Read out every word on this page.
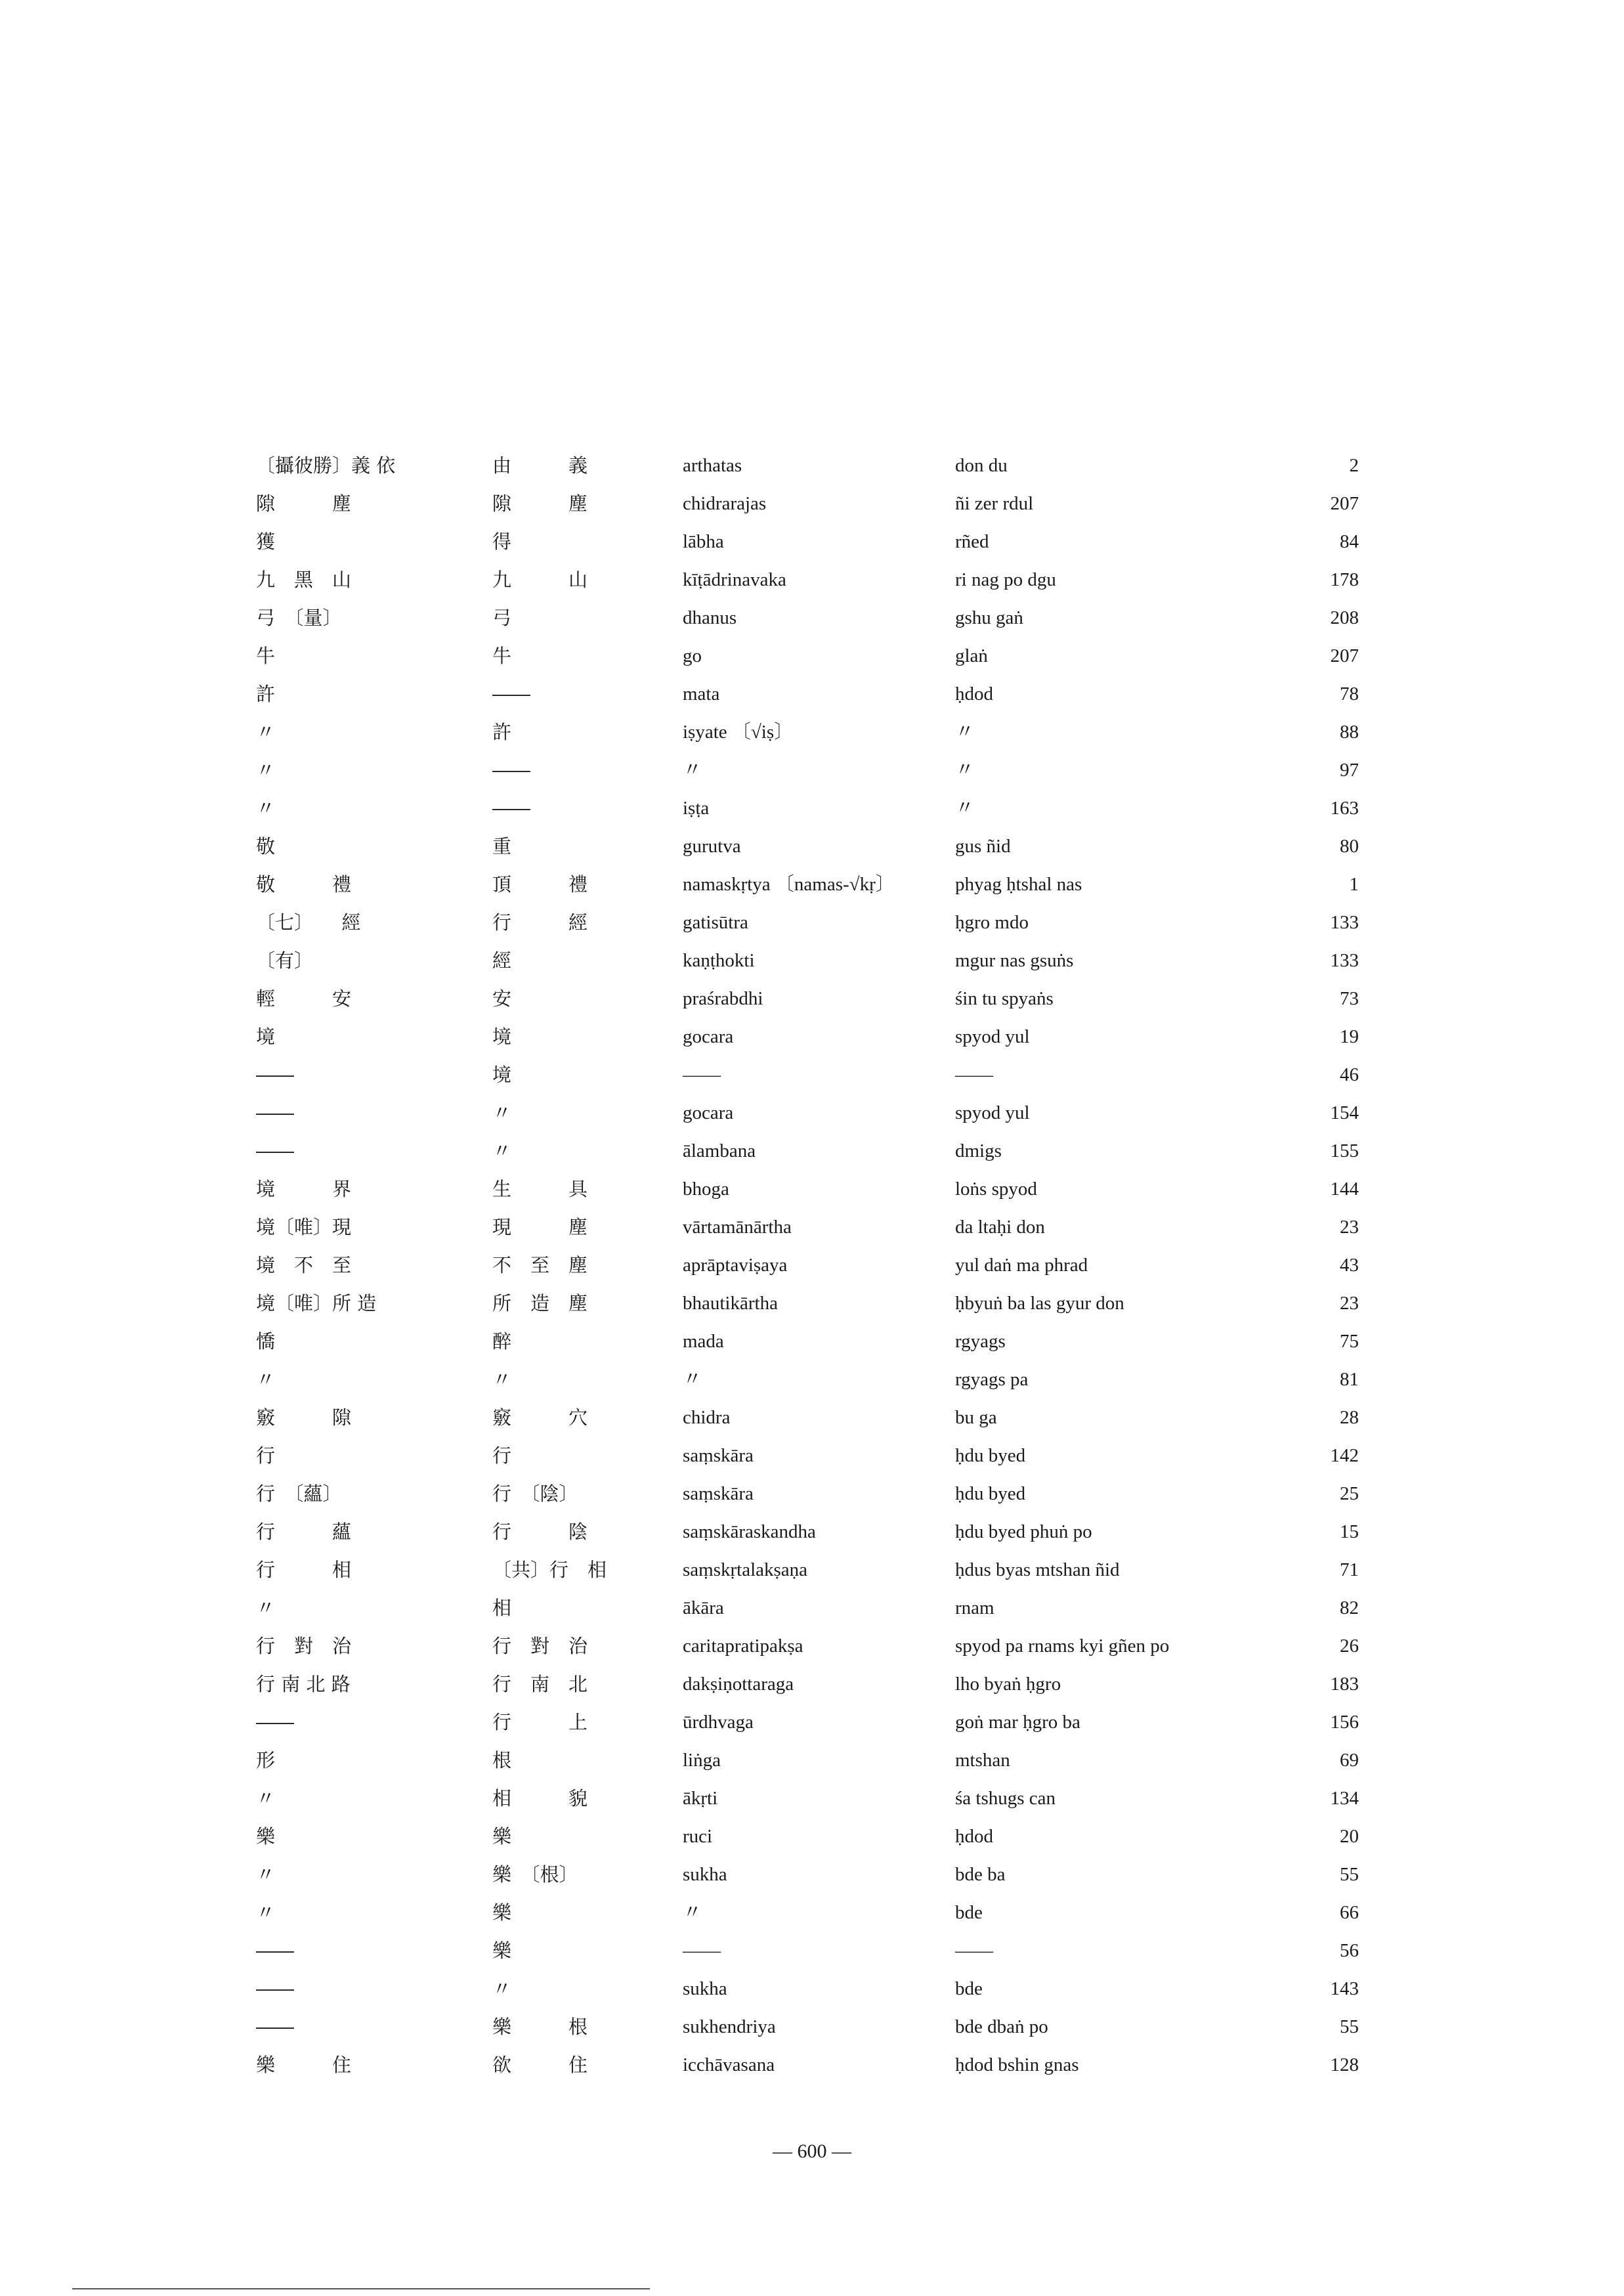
〔攝彼勝〕義 依	由　　　義	arthatas	don du	2
隙　　　塵	隙　　　塵	chidrarajas	ñi zer rdul	207
獲	得	lābha	rñed	84
九　黑　山	九　　　山	kīṭādrinavaka	ri nag po dgu	178
弓　〔量〕	弓	dhanus	gshu gaṅ	208
牛	牛	go	glaṅ	207
許	――	mata	ḥdod	78
〃	許	iṣyate 〔√iṣ〕	〃	88
〃	――	〃	〃	97
〃	――	iṣṭa	〃	163
敬	重	gurutva	gus ñid	80
敬　　　禮	頂　　　禮	namaskṛtya 〔namas-√kṛ〕	phyag ḥtshal nas	1
〔七〕　　經	行　　　經	gatisūtra	ḥgro mdo	133
〔有〕	經	kaṇṭhokti	mgur nas gsuṅs	133
輕　　　安	安	praśrabdhi	śin tu spyaṅs	73
境	境	gocara	spyod yul	19
――	境	――	――	46
――	〃	gocara	spyod yul	154
――	〃	ālambana	dmigs	155
境　　　界	生　　　具	bhoga	loṅs spyod	144
境〔唯〕現	現　　　塵	vārtamānārtha	da ltaḥi don	23
境　不　至	不　至　塵	aprāptaviṣaya	yul daṅ ma phrad	43
境〔唯〕所 造	所　造　塵	bhautikārtha	ḥbyuṅ ba las gyur don	23
憍	醉	mada	rgyags	75
〃	〃	〃	rgyags pa	81
竅　　　隙	竅　　　穴	chidra	bu ga	28
行	行	saṃskāra	ḥdu byed	142
行　〔蘊〕	行　〔陰〕	saṃskāra	ḥdu byed	25
行　　　蘊	行　　　陰	saṃskāraskandha	ḥdu byed phuṅ po	15
行　　　相	〔共〕行　相	saṃskṛtalakṣaṇa	ḥdus byas mtshan ñid	71
〃	相	ākāra	rnam	82
行　對　治	行　對　治	caritapratipakṣa	spyod pa rnams kyi gñen po	26
行 南 北 路	行　南　北	dakṣiṇottaraga	lho byaṅ ḥgro	183
――	行　　　上	ūrdhvaga	goṅ mar ḥgro ba	156
形	根	liṅga	mtshan	69
〃	相　　　貌	ākṛti	śa tshugs can	134
樂	樂	ruci	ḥdod	20
〃	樂　〔根〕	sukha	bde ba	55
〃	樂	〃	bde	66
――	樂	――	――	56
――	〃	sukha	bde	143
――	樂　　　根	sukhendriya	bde dbaṅ po	55
樂　　　住	欲　　　住	icchāvasana	ḥdod bshin gnas	128
― 600 ―
